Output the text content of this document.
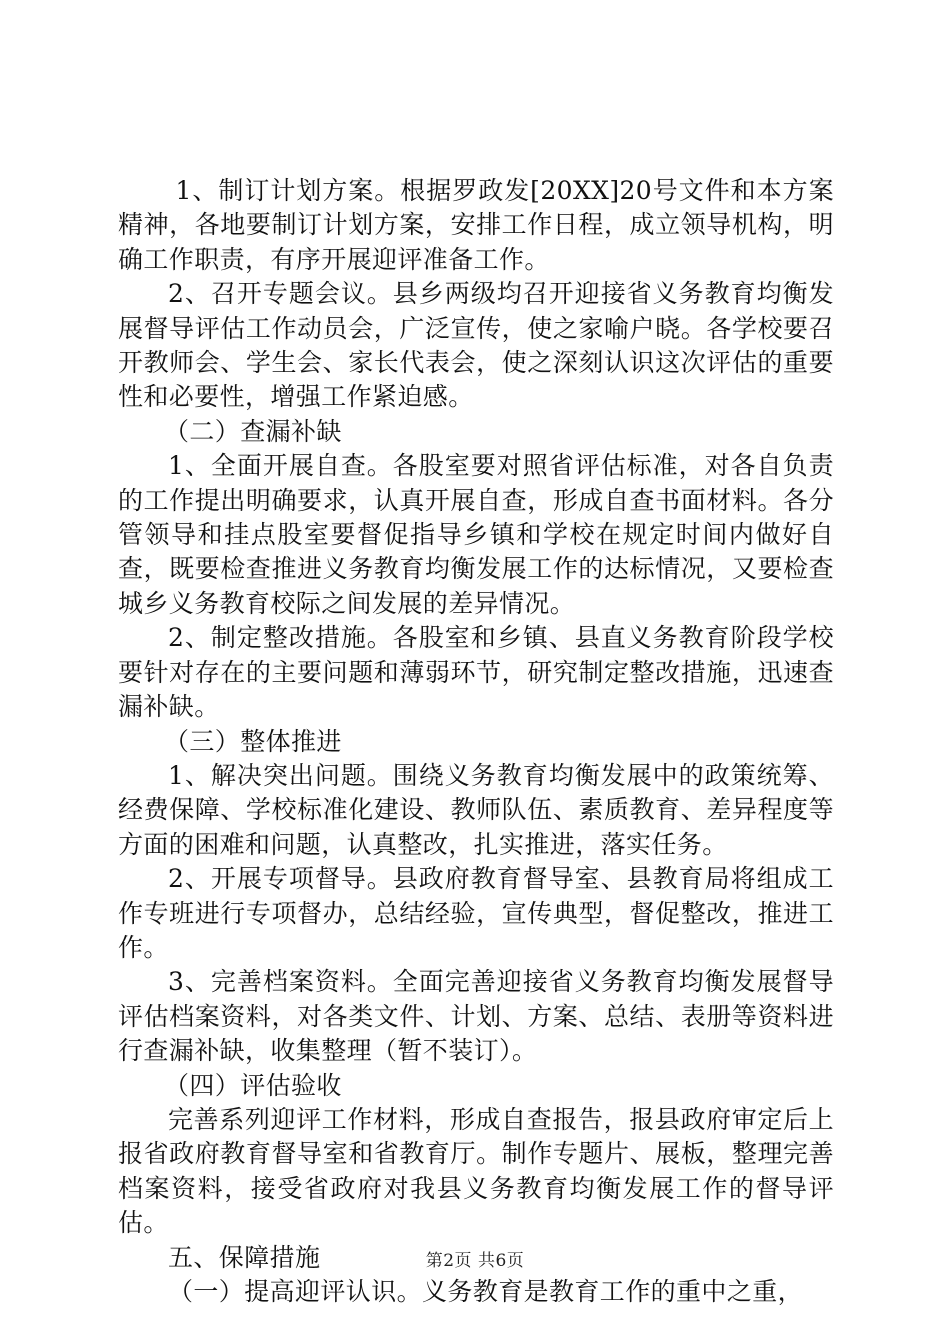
1、制订计划方案。根据罗政发[20XX]20号文件和本方案精神，各地要制订计划方案，安排工作日程，成立领导机构，明确工作职责，有序开展迎评准备工作。

2、召开专题会议。县乡两级均召开迎接省义务教育均衡发展督导评估工作动员会，广泛宣传，使之家喻户晓。各学校要召开教师会、学生会、家长代表会，使之深刻认识这次评估的重要性和必要性，增强工作紧迫感。

（二）查漏补缺

1、全面开展自查。各股室要对照省评估标准，对各自负责的工作提出明确要求，认真开展自查，形成自查书面材料。各分管领导和挂点股室要督促指导乡镇和学校在规定时间内做好自查，既要检查推进义务教育均衡发展工作的达标情况，又要检查城乡义务教育校际之间发展的差异情况。

2、制定整改措施。各股室和乡镇、县直义务教育阶段学校要针对存在的主要问题和薄弱环节，研究制定整改措施，迅速查漏补缺。

（三）整体推进

1、解决突出问题。围绕义务教育均衡发展中的政策统筹、经费保障、学校标准化建设、教师队伍、素质教育、差异程度等方面的困难和问题，认真整改，扎实推进，落实任务。

2、开展专项督导。县政府教育督导室、县教育局将组成工作专班进行专项督办，总结经验，宣传典型，督促整改，推进工作。

3、完善档案资料。全面完善迎接省义务教育均衡发展督导评估档案资料，对各类文件、计划、方案、总结、表册等资料进行查漏补缺，收集整理（暂不装订）。

（四）评估验收

完善系列迎评工作材料，形成自查报告，报县政府审定后上报省政府教育督导室和省教育厅。制作专题片、展板，整理完善档案资料，接受省政府对我县义务教育均衡发展工作的督导评估。

五、保障措施

（一）提高迎评认识。义务教育是教育工作的重中之重，

第2页 共6页
